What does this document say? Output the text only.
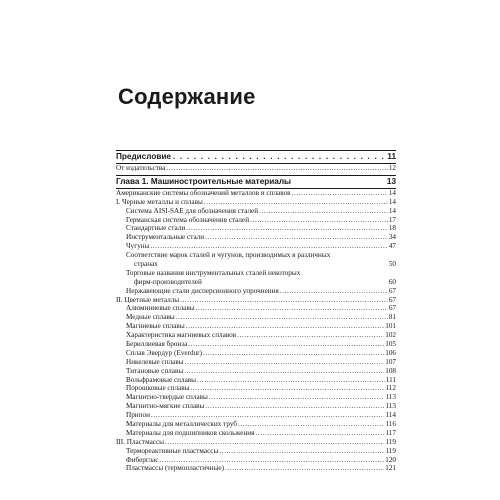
Содержание
Предисловие . . .	11
От издательства .....	12
Глава 1. Машиностроительные материалы	13
Американские системы обозначений металлов и сплавов .....	14
I. Черные металлы и сплавы .....	14
Система AISI-SAE для обозначения сталей .....	14
Германская система обозначения сталей .....	17
Стандартные стали .....	18
Инструментальные стали .....	34
Чугуны .....	47
Соответствие марок сталей и чугунов, производимых в различных
странах	50
Торговые названия инструментальных сталей некоторых
фирм-производителей	60
Нержавеющие стали дисперсионного упрочнения .....	67
II. Цветные металлы .....	67
Алюминиевые сплавы .....	67
Медные сплавы .....	81
Магниевые сплавы .....	101
Характеристика магниевых сплавов .....	102
Бериллиевая бронза .....	105
Сплав Эвердур (Everdur) .....	106
Никелевые сплавы .....	107
Титановые сплавы .....	108
Вольфрамовые сплавы .....	111
Порошковые сплавы .....	112
Магнитно-твердые сплавы .....	113
Магнитно-мягкие сплавы .....	113
Припои .....	114
Материалы для металлических труб .....	116
Материалы для подшипников скольжения .....	117
III. Пластмассы .....	119
Термореактивные пластмассы .....	119
Фиберглас .....	120
Пластмассы (термопластичные) .....	121
